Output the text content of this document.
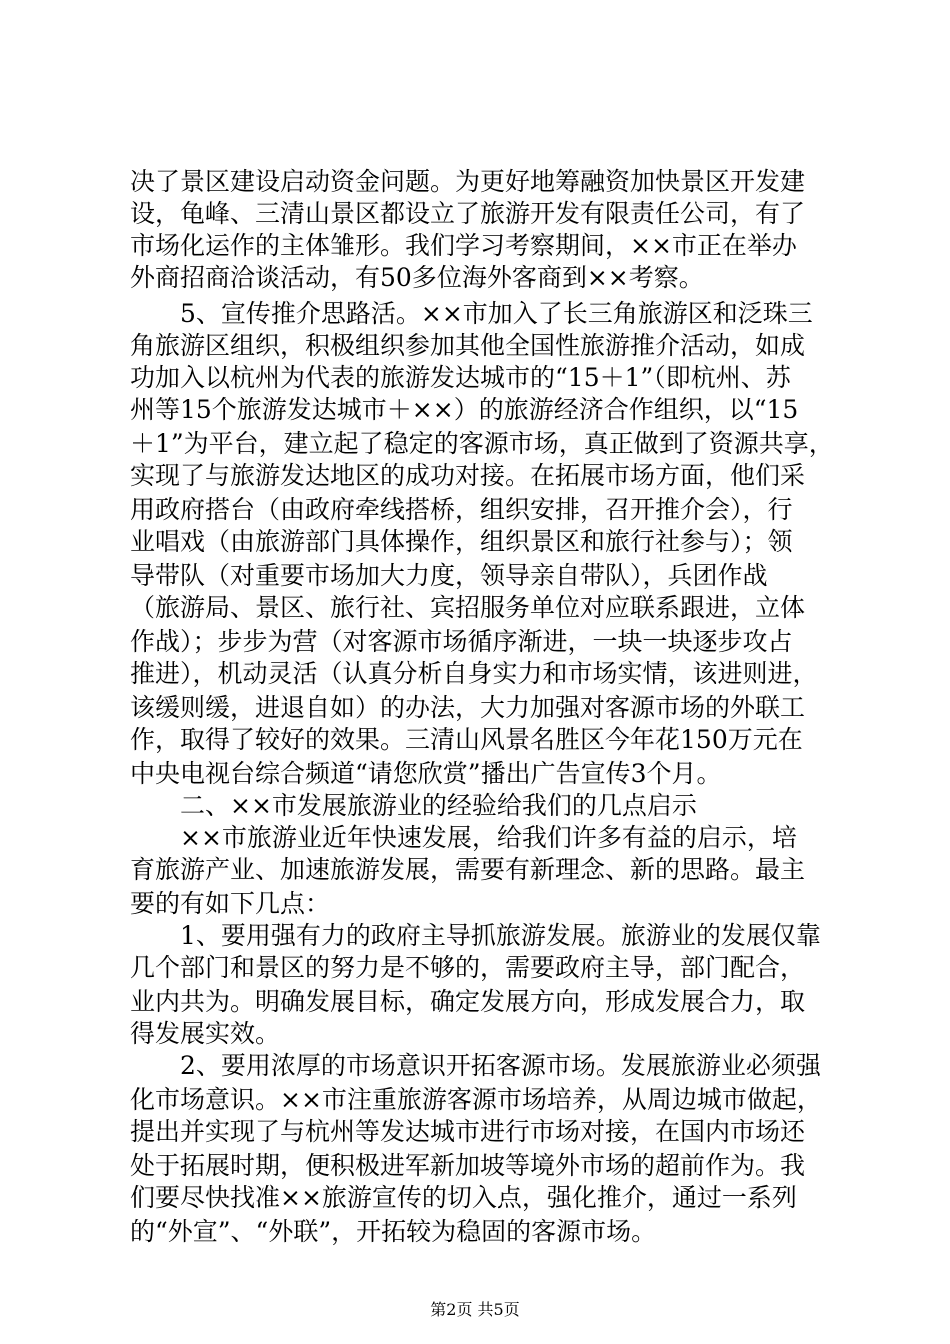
决了景区建设启动资金问题。为更好地筹融资加快景区开发建
设，龟峰、三清山景区都设立了旅游开发有限责任公司，有了
市场化运作的主体雏形。我们学习考察期间，××市正在举办
外商招商洽谈活动，有50多位海外客商到××考察。
　　5、宣传推介思路活。××市加入了长三角旅游区和泛珠三
角旅游区组织，积极组织参加其他全国性旅游推介活动，如成
功加入以杭州为代表的旅游发达城市的“15＋1”（即杭州、苏
州等15个旅游发达城市＋××）的旅游经济合作组织，以“15
＋1”为平台，建立起了稳定的客源市场，真正做到了资源共享，
实现了与旅游发达地区的成功对接。在拓展市场方面，他们采
用政府搭台（由政府牵线搭桥，组织安排，召开推介会），行
业唱戏（由旅游部门具体操作，组织景区和旅行社参与）；领
导带队（对重要市场加大力度，领导亲自带队），兵团作战
（旅游局、景区、旅行社、宾招服务单位对应联系跟进，立体
作战）；步步为营（对客源市场循序渐进，一块一块逐步攻占
推进），机动灵活（认真分析自身实力和市场实情，该进则进，
该缓则缓，进退自如）的办法，大力加强对客源市场的外联工
作，取得了较好的效果。三清山风景名胜区今年花150万元在
中央电视台综合频道“请您欣赏”播出广告宣传3个月。
　　二、××市发展旅游业的经验给我们的几点启示
　　××市旅游业近年快速发展，给我们许多有益的启示，培
育旅游产业、加速旅游发展，需要有新理念、新的思路。最主
要的有如下几点：
　　1、要用强有力的政府主导抓旅游发展。旅游业的发展仅靠
几个部门和景区的努力是不够的，需要政府主导，部门配合，
业内共为。明确发展目标，确定发展方向，形成发展合力，取
得发展实效。
　　2、要用浓厚的市场意识开拓客源市场。发展旅游业必须强
化市场意识。××市注重旅游客源市场培养，从周边城市做起，
提出并实现了与杭州等发达城市进行市场对接，在国内市场还
处于拓展时期，便积极进军新加坡等境外市场的超前作为。我
们要尽快找准××旅游宣传的切入点，强化推介，通过一系列
的“外宣”、“外联”，开拓较为稳固的客源市场。
第2页 共5页
